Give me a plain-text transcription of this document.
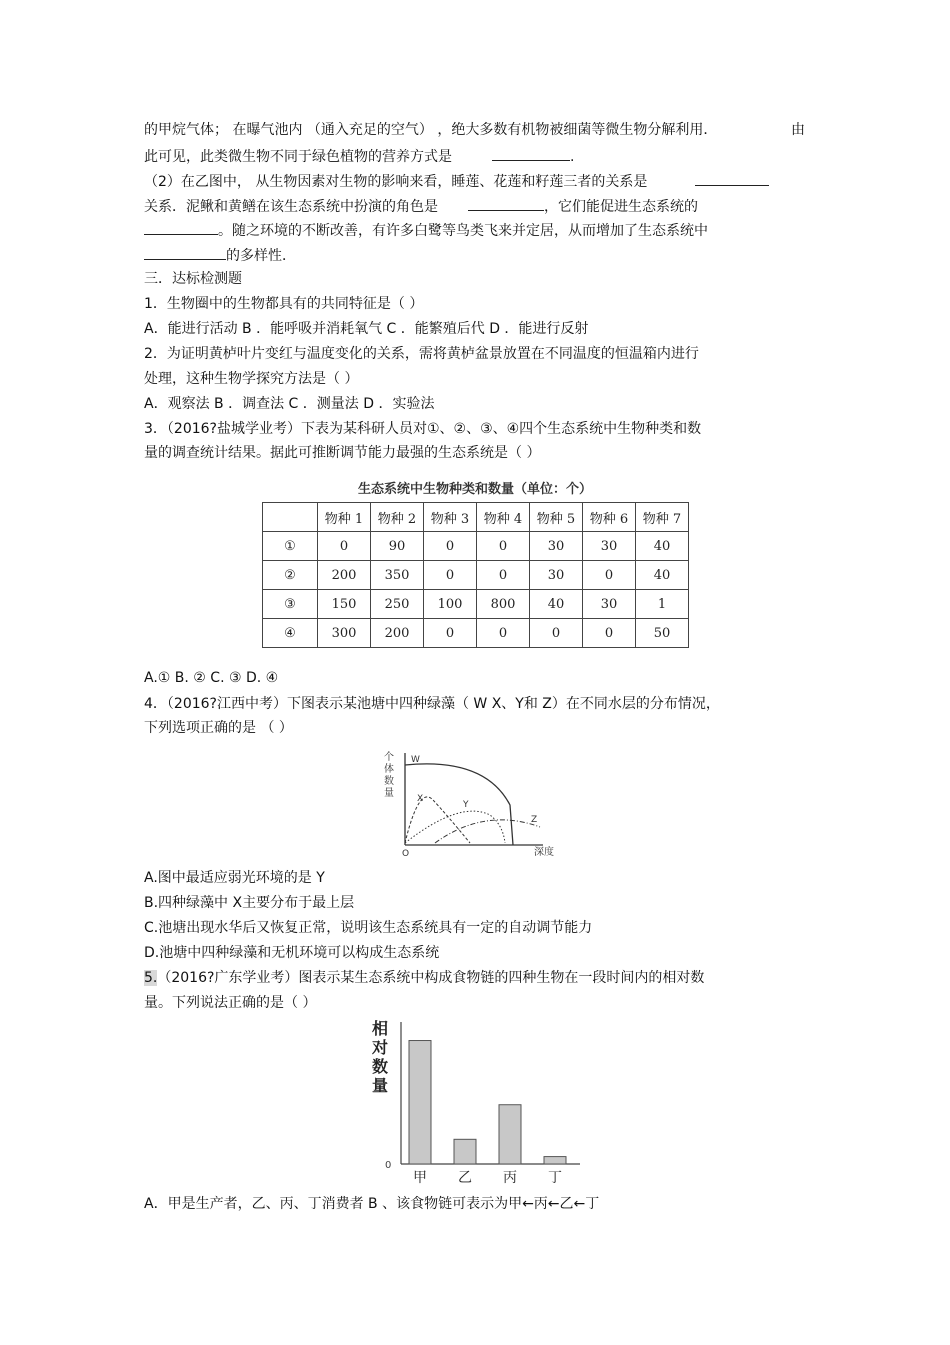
的甲烷气体； 在曝气池内 （通入充足的空气） ，绝大多数有机物被细菌等微生物分解利用．	由
此可见，此类微生物不同于绿色植物的营养方式是	.
（2）在乙图中， 从生物因素对生物的影响来看，睡莲、花莲和籽莲三者的关系是
关系．泥鳅和黄鳝在该生态系统中扮演的角色是	，它们能促进生态系统的
。随之环境的不断改善，有许多白鹭等鸟类飞来并定居，从而增加了生态系统中
的多样性．
三．达标检测题
1．生物圈中的生物都具有的共同特征是（ ）
A．能进行活动 B ．能呼吸并消耗氧气 C ．能繁殖后代 D ．能进行反射
2．为证明黄栌叶片变红与温度变化的关系，需将黄栌盆景放置在不同温度的恒温箱内进行
处理，这种生物学探究方法是（ ）
A．观察法 B ．调查法 C ．测量法 D ．实验法
3．（2016?盐城学业考）下表为某科研人员对①、②、③、④四个生态系统中生物种类和数
量的调查统计结果。据此可推断调节能力最强的生态系统是（ ）
生态系统中生物种类和数量（单位：个）
	物种 1	物种 2	物种 3	物种 4	物种 5	物种 6	物种 7
①	0	90	0	0	30	30	40
②	200	350	0	0	30	0	40
③	150	250	100	800	40	30	1
④	300	200	0	0	0	0	50
A.① B. ② C. ③ D. ④
4．（2016?江西中考）下图表示某池塘中四种绿藻（ W X、Y和 Z）在不同水层的分布情况，
下列选项正确的是 （ ）
个
体
数
量
O	深度
W
X
Y
Z
A.图中最适应弱光环境的是 Y
B.四种绿藻中 X主要分布于最上层
C.池塘出现水华后又恢复正常，说明该生态系统具有一定的自动调节能力
D.池塘中四种绿藻和无机环境可以构成生态系统
5.（2016?广东学业考）图表示某生态系统中构成食物链的四种生物在一段时间内的相对数
量。下列说法正确的是（ ）
0
相
对
数
量
甲 乙 丙 丁
A．甲是生产者，乙、丙、丁消费者 B 、该食物链可表示为甲←丙←乙←丁
